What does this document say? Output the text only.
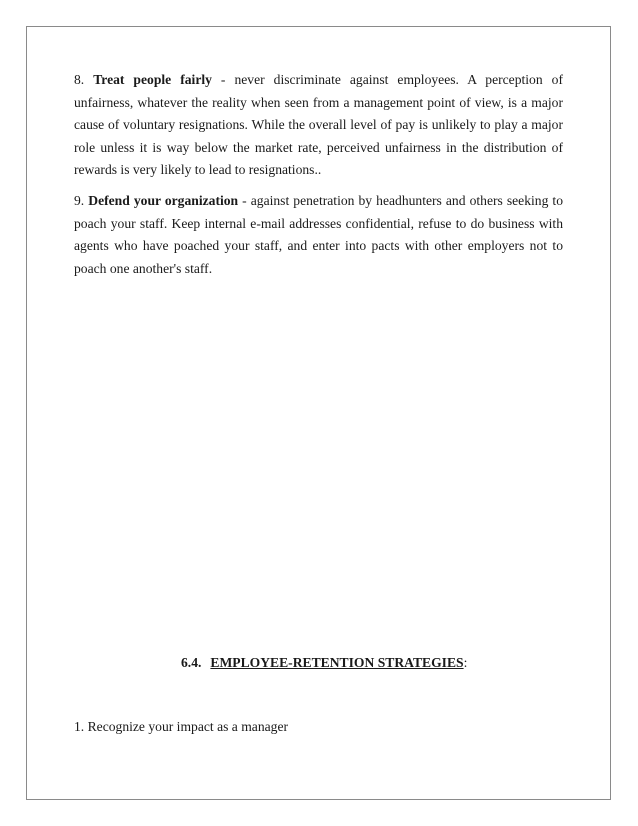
8. Treat people fairly - never discriminate against employees. A perception of unfairness, whatever the reality when seen from a management point of view, is a major cause of voluntary resignations. While the overall level of pay is unlikely to play a major role unless it is way below the market rate, perceived unfairness in the distribution of rewards is very likely to lead to resignations..

9. Defend your organization - against penetration by headhunters and others seeking to poach your staff. Keep internal e-mail addresses confidential, refuse to do business with agents who have poached your staff, and enter into pacts with other employers not to poach one another's staff.

6.4. EMPLOYEE-RETENTION STRATEGIES:
1. Recognize your impact as a manager
